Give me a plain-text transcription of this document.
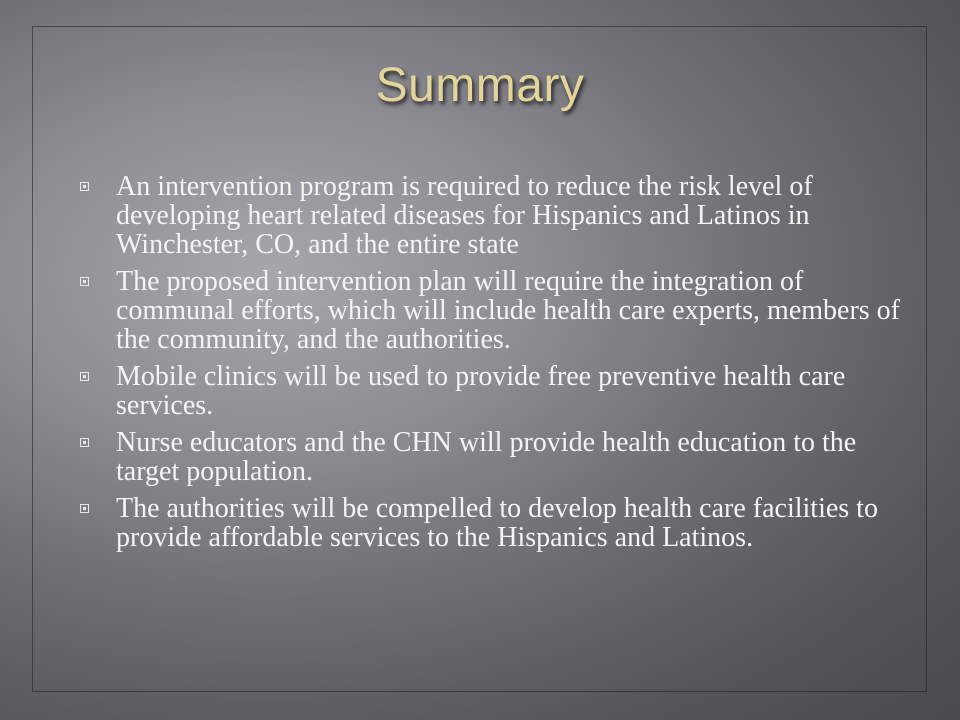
Summary
An intervention program is required to reduce the risk level of developing heart related diseases for Hispanics and Latinos in Winchester, CO, and the entire state
The proposed intervention plan will require the integration of communal efforts, which will include health care experts, members of the community, and the authorities.
Mobile clinics will be used to provide free preventive health care services.
Nurse educators and the CHN will provide health education to the target population.
The authorities will be compelled to develop health care facilities to provide affordable services to the Hispanics and Latinos.
